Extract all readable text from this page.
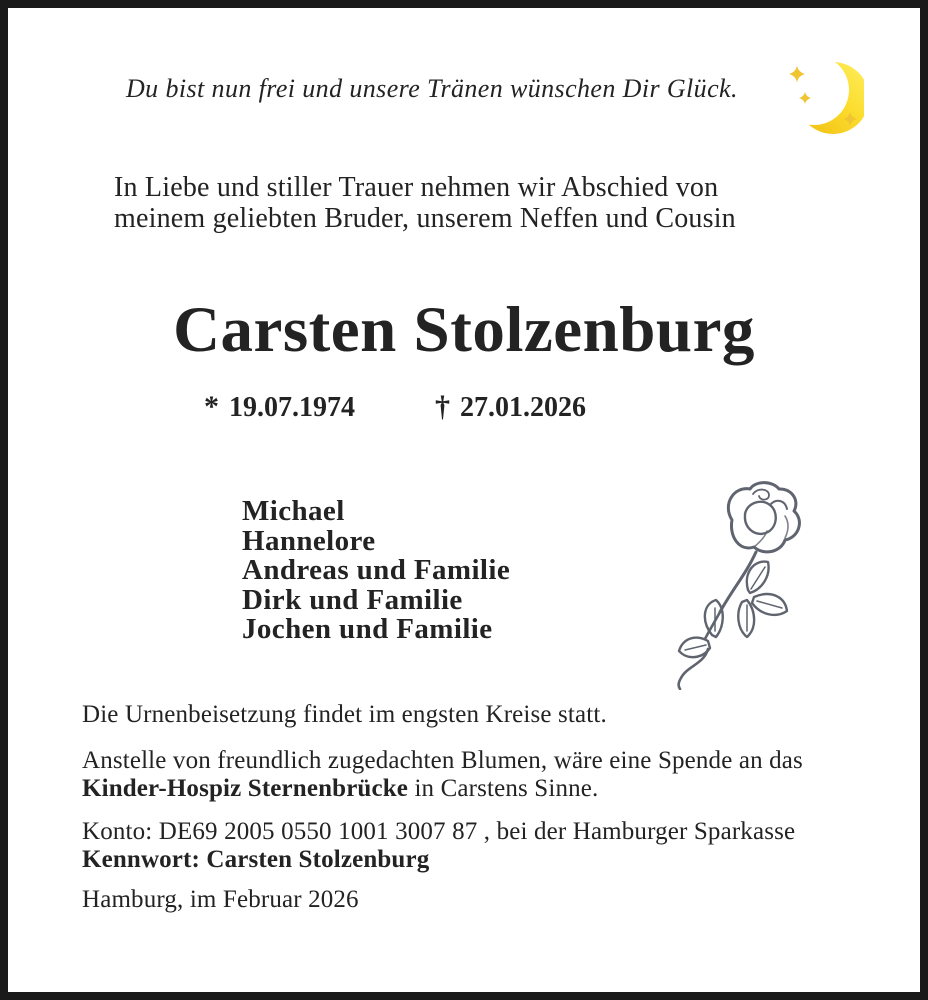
Du bist nun frei und unsere Tränen wünschen Dir Glück.
In Liebe und stiller Trauer nehmen wir Abschied von
meinem geliebten Bruder, unserem Neffen und Cousin
Carsten Stolzenburg
* 19.07.1974	† 27.01.2026
Michael
Hannelore
Andreas und Familie
Dirk und Familie
Jochen und Familie
Die Urnenbeisetzung findet im engsten Kreise statt.
Anstelle von freundlich zugedachten Blumen, wäre eine Spende an das
Kinder-Hospiz Sternenbrücke in Carstens Sinne.
Konto: DE69 2005 0550 1001 3007 87 , bei der Hamburger Sparkasse
Kennwort: Carsten Stolzenburg
Hamburg, im Februar 2026
